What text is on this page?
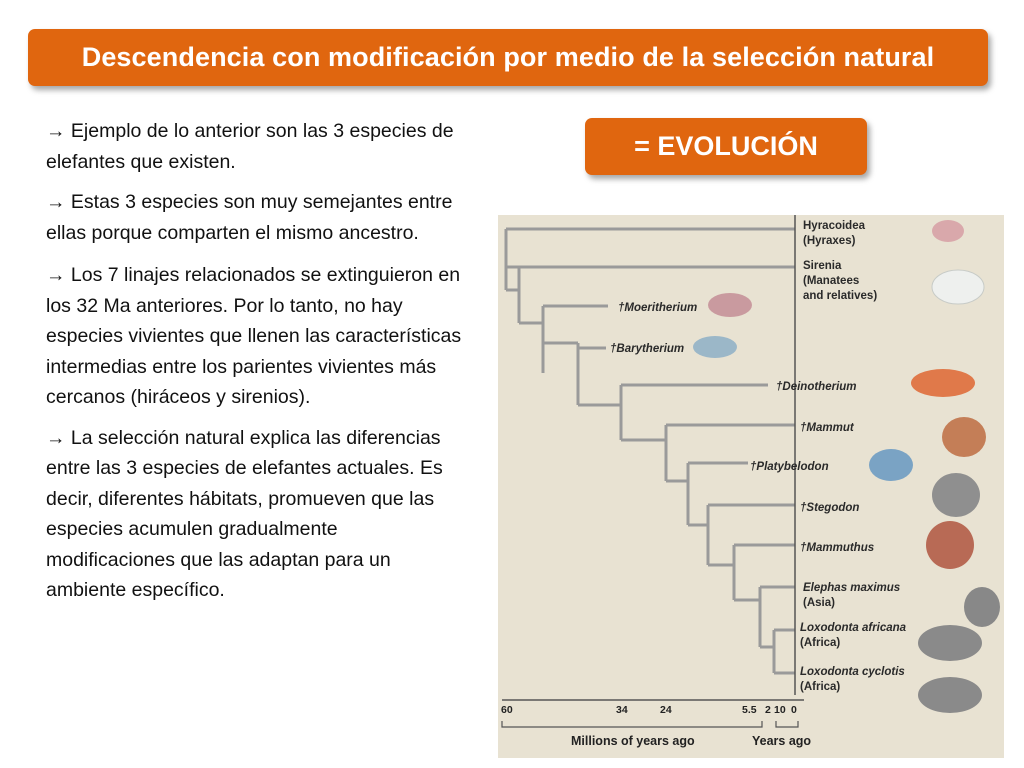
Descendencia con modificación por medio de la selección natural
= EVOLUCIÓN
→ Ejemplo de lo anterior son las 3 especies de elefantes que existen.
→ Estas 3 especies son muy semejantes entre ellas porque comparten el mismo ancestro.
→ Los 7 linajes relacionados se extinguieron en los 32 Ma anteriores. Por lo tanto, no hay especies vivientes que llenen las características intermedias entre los parientes vivientes más cercanos (hiráceos y sirenios).
→ La selección natural explica las diferencias entre las 3 especies de elefantes actuales. Es decir, diferentes hábitats, promueven que las especies acumulen gradualmente modificaciones que las adaptan para un ambiente específico.
Hyracoidea
(Hyraxes)
Sirenia
(Manatees
and relatives)
†Moeritherium
†Barytherium
†Deinotherium
†Mammut
†Platybelodon
†Stegodon
†Mammuthus
Elephas maximus
(Asia)
Loxodonta africana
(Africa)
Loxodonta cyclotis
(Africa)
60	34	24	5.5 2 10 0
Millions of years ago	Years ago
